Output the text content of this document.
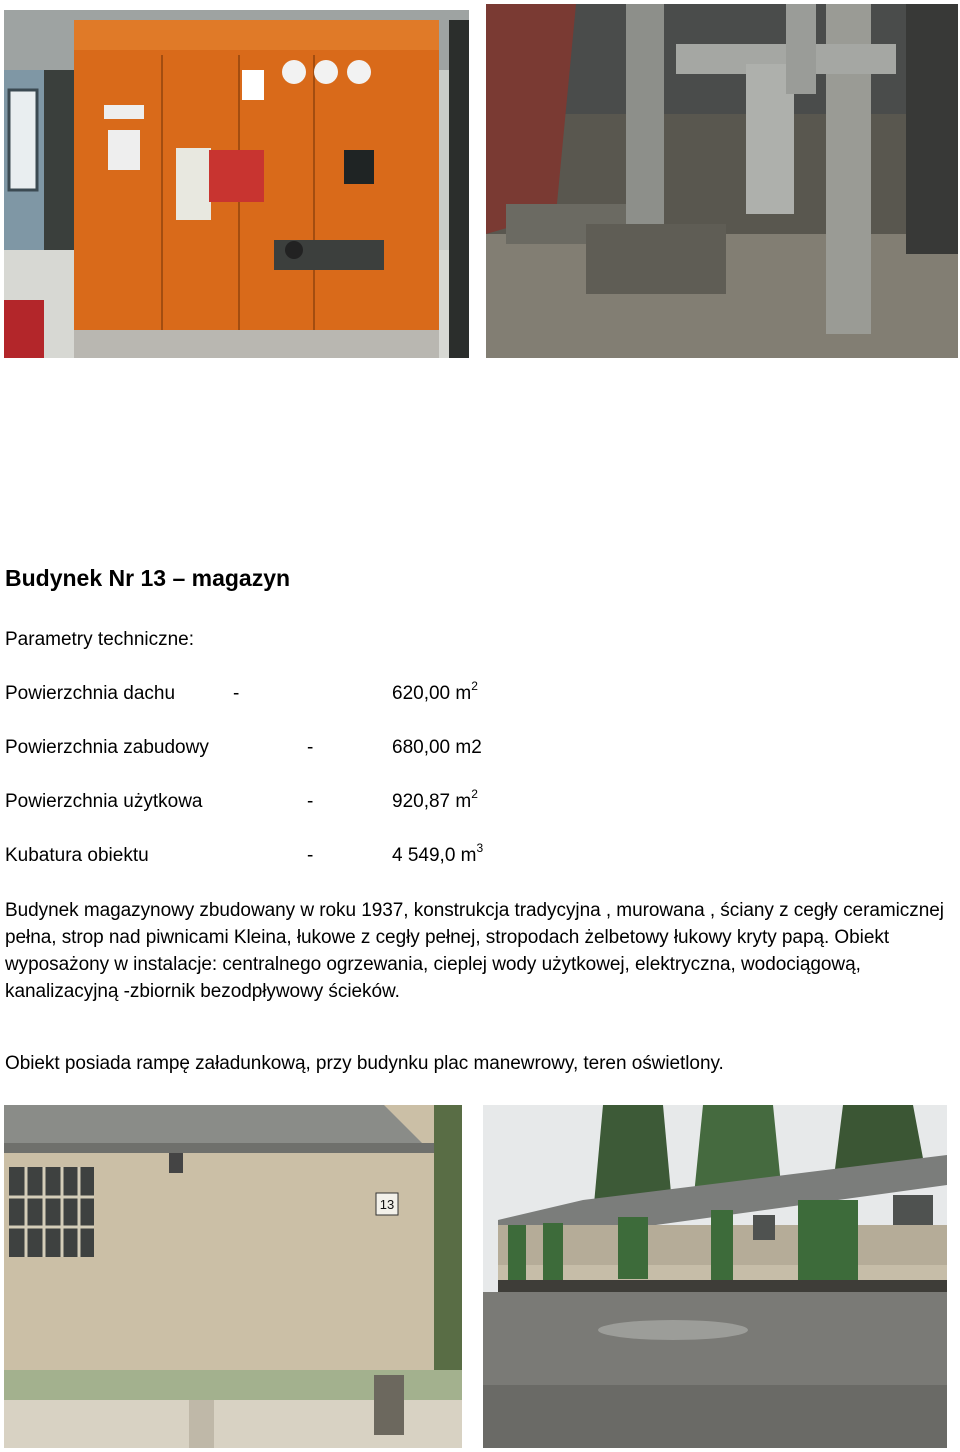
Budynek Nr 13 – magazyn
Parametry techniczne:
Powierzchnia dachu	-	620,00 $m^2$
Powierzchnia zabudowy	-	680,00 m2
Powierzchnia użytkowa	-	920,87 $m^2$
Kubatura obiektu	-	4 549,0 $m^3$

Budynek magazynowy zbudowany w roku 1937, konstrukcja tradycyjna , murowana , ściany z cegły ceramicznej pełna, strop nad piwnicami Kleina, łukowe z cegły pełnej, stropodach żelbetowy łukowy kryty papą. Obiekt wyposażony w instalacje: centralnego ogrzewania, cieplej wody użytkowej, elektryczna, wodociągową, kanalizacyjną -zbiornik bezodpływowy ścieków.

Obiekt posiada rampę załadunkową, przy budynku plac manewrowy, teren oświetlony.

13
